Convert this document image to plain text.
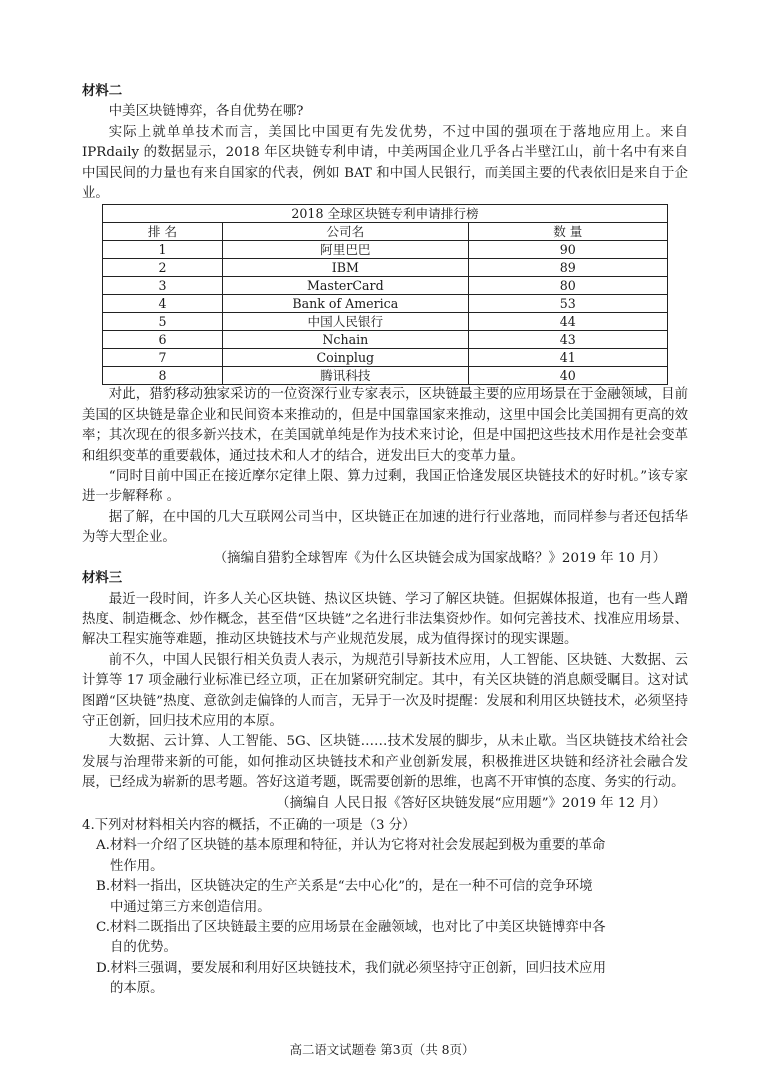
材料二

中美区块链博弈，各自优势在哪?

实际上就单单技术而言，美国比中国更有先发优势，不过中国的强项在于落地应用上。来自 IPRdaily 的数据显示，2018 年区块链专利申请，中美两国企业几乎各占半壁江山，前十名中有来自中国民间的力量也有来自国家的代表，例如 BAT 和中国人民银行，而美国主要的代表依旧是来自于企业。

2018 全球区块链专利申请排行榜		
排 名	公司名	数 量
1	阿里巴巴	90
2	IBM	89
3	MasterCard	80
4	Bank of America	53
5	中国人民银行	44
6	Nchain	43
7	Coinplug	41
8	腾讯科技	40

对此，猎豹移动独家采访的一位资深行业专家表示，区块链最主要的应用场景在于金融领域，目前美国的区块链是靠企业和民间资本来推动的，但是中国靠国家来推动，这里中国会比美国拥有更高的效率；其次现在的很多新兴技术，在美国就单纯是作为技术来讨论，但是中国把这些技术用作是社会变革和组织变革的重要载体，通过技术和人才的结合，迸发出巨大的变革力量。

“同时目前中国正在接近摩尔定律上限、算力过剩，我国正恰逢发展区块链技术的好时机。”该专家进一步解释称 。

据了解，在中国的几大互联网公司当中，区块链正在加速的进行行业落地，而同样参与者还包括华为等大型企业。

（摘编自猎豹全球智库《为什么区块链会成为国家战略？》2019 年 10 月）

材料三

最近一段时间，许多人关心区块链、热议区块链、学习了解区块链。但据媒体报道，也有一些人蹭热度、制造概念、炒作概念，甚至借“区块链”之名进行非法集资炒作。如何完善技术、找准应用场景、解决工程实施等难题，推动区块链技术与产业规范发展，成为值得探讨的现实课题。

前不久，中国人民银行相关负责人表示，为规范引导新技术应用，人工智能、区块链、大数据、云计算等 17 项金融行业标准已经立项，正在加紧研究制定。其中，有关区块链的消息颇受瞩目。这对试图蹭“区块链”热度、意欲剑走偏锋的人而言，无异于一次及时提醒：发展和利用区块链技术，必须坚持守正创新，回归技术应用的本原。

大数据、云计算、人工智能、5G、区块链……技术发展的脚步，从未止歇。当区块链技术给社会发展与治理带来新的可能，如何推动区块链技术和产业创新发展，积极推进区块链和经济社会融合发展，已经成为崭新的思考题。答好这道考题，既需要创新的思维，也离不开审慎的态度、务实的行动。

（摘编自 人民日报《答好区块链发展“应用题”》2019 年 12 月）

4.下列对材料相关内容的概括，不正确的一项是（3 分）

A.材料一介绍了区块链的基本原理和特征，并认为它将对社会发展起到极为重要的革命
性作用。

B.材料一指出，区块链决定的生产关系是“去中心化”的，是在一种不可信的竞争环境
中通过第三方来创造信用。

C.材料二既指出了区块链最主要的应用场景在金融领域，也对比了中美区块链博弈中各
自的优势。

D.材料三强调，要发展和利用好区块链技术，我们就必须坚持守正创新，回归技术应用
的本原。

高二语文试题卷 第3页（共 8页）
